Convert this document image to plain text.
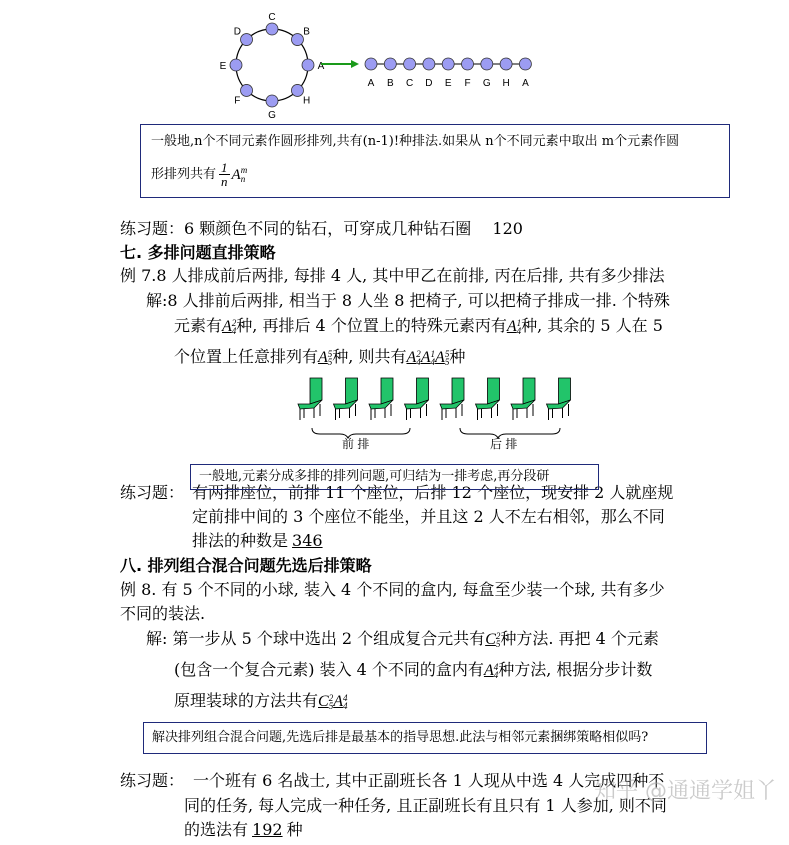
C
B
A
H
G
F
E
D
A B C D E F G H A
一般地,n个不同元素作圆形排列,共有(n-1)!种排法.如果从 n个不同元素中取出 m个元素作圆
形排列共有 $\frac{1}{n}$ A m
n
练习题：6 颗颜色不同的钻石，可穿成几种钻石圈 120
七. 多排问题直排策略
例 7.8 人排成前后两排, 每排 4 人, 其中甲乙在前排, 丙在后排, 共有多少排法
解:8 人排前后两排, 相当于 8 人坐 8 把椅子, 可以把椅子排成一排. 个特殊
元素有A 2
4 种, 再排后 4 个位置上的特殊元素丙有A 1
4 种, 其余的 5 人在 5
个位置上任意排列有A 5
5 种, 则共有A 2
4 A 1
4 A 5
5 种
前 排	后 排
练习题： 有两排座位，前排 11 个座位，后排 12 个座位，现安排 2 人就座规
定前排中间的 3 个座位不能坐，并且这 2 人不左右相邻，那么不同
排法的种数是 346
一般地,元素分成多排的排列问题,可归结为一排考虑,再分段研
八. 排列组合混合问题先选后排策略
例 8. 有 5 个不同的小球, 装入 4 个不同的盒内, 每盒至少装一个球, 共有多少
不同的装法.
解: 第一步从 5 个球中选出 2 个组成复合元共有C 2
5 种方法. 再把 4 个元素
(包含一个复合元素) 装入 4 个不同的盒内有A 4
4 种方法, 根据分步计数
原理装球的方法共有C 2
5 A 4
4
解决排列组合混合问题,先选后排是最基本的指导思想.此法与相邻元素捆绑策略相似吗?
练习题： 一个班有 6 名战士, 其中正副班长各 1 人现从中选 4 人完成四种不
同的任务, 每人完成一种任务, 且正副班长有且只有 1 人参加, 则不同
的选法有 192 种
知乎 @通通学姐丫
